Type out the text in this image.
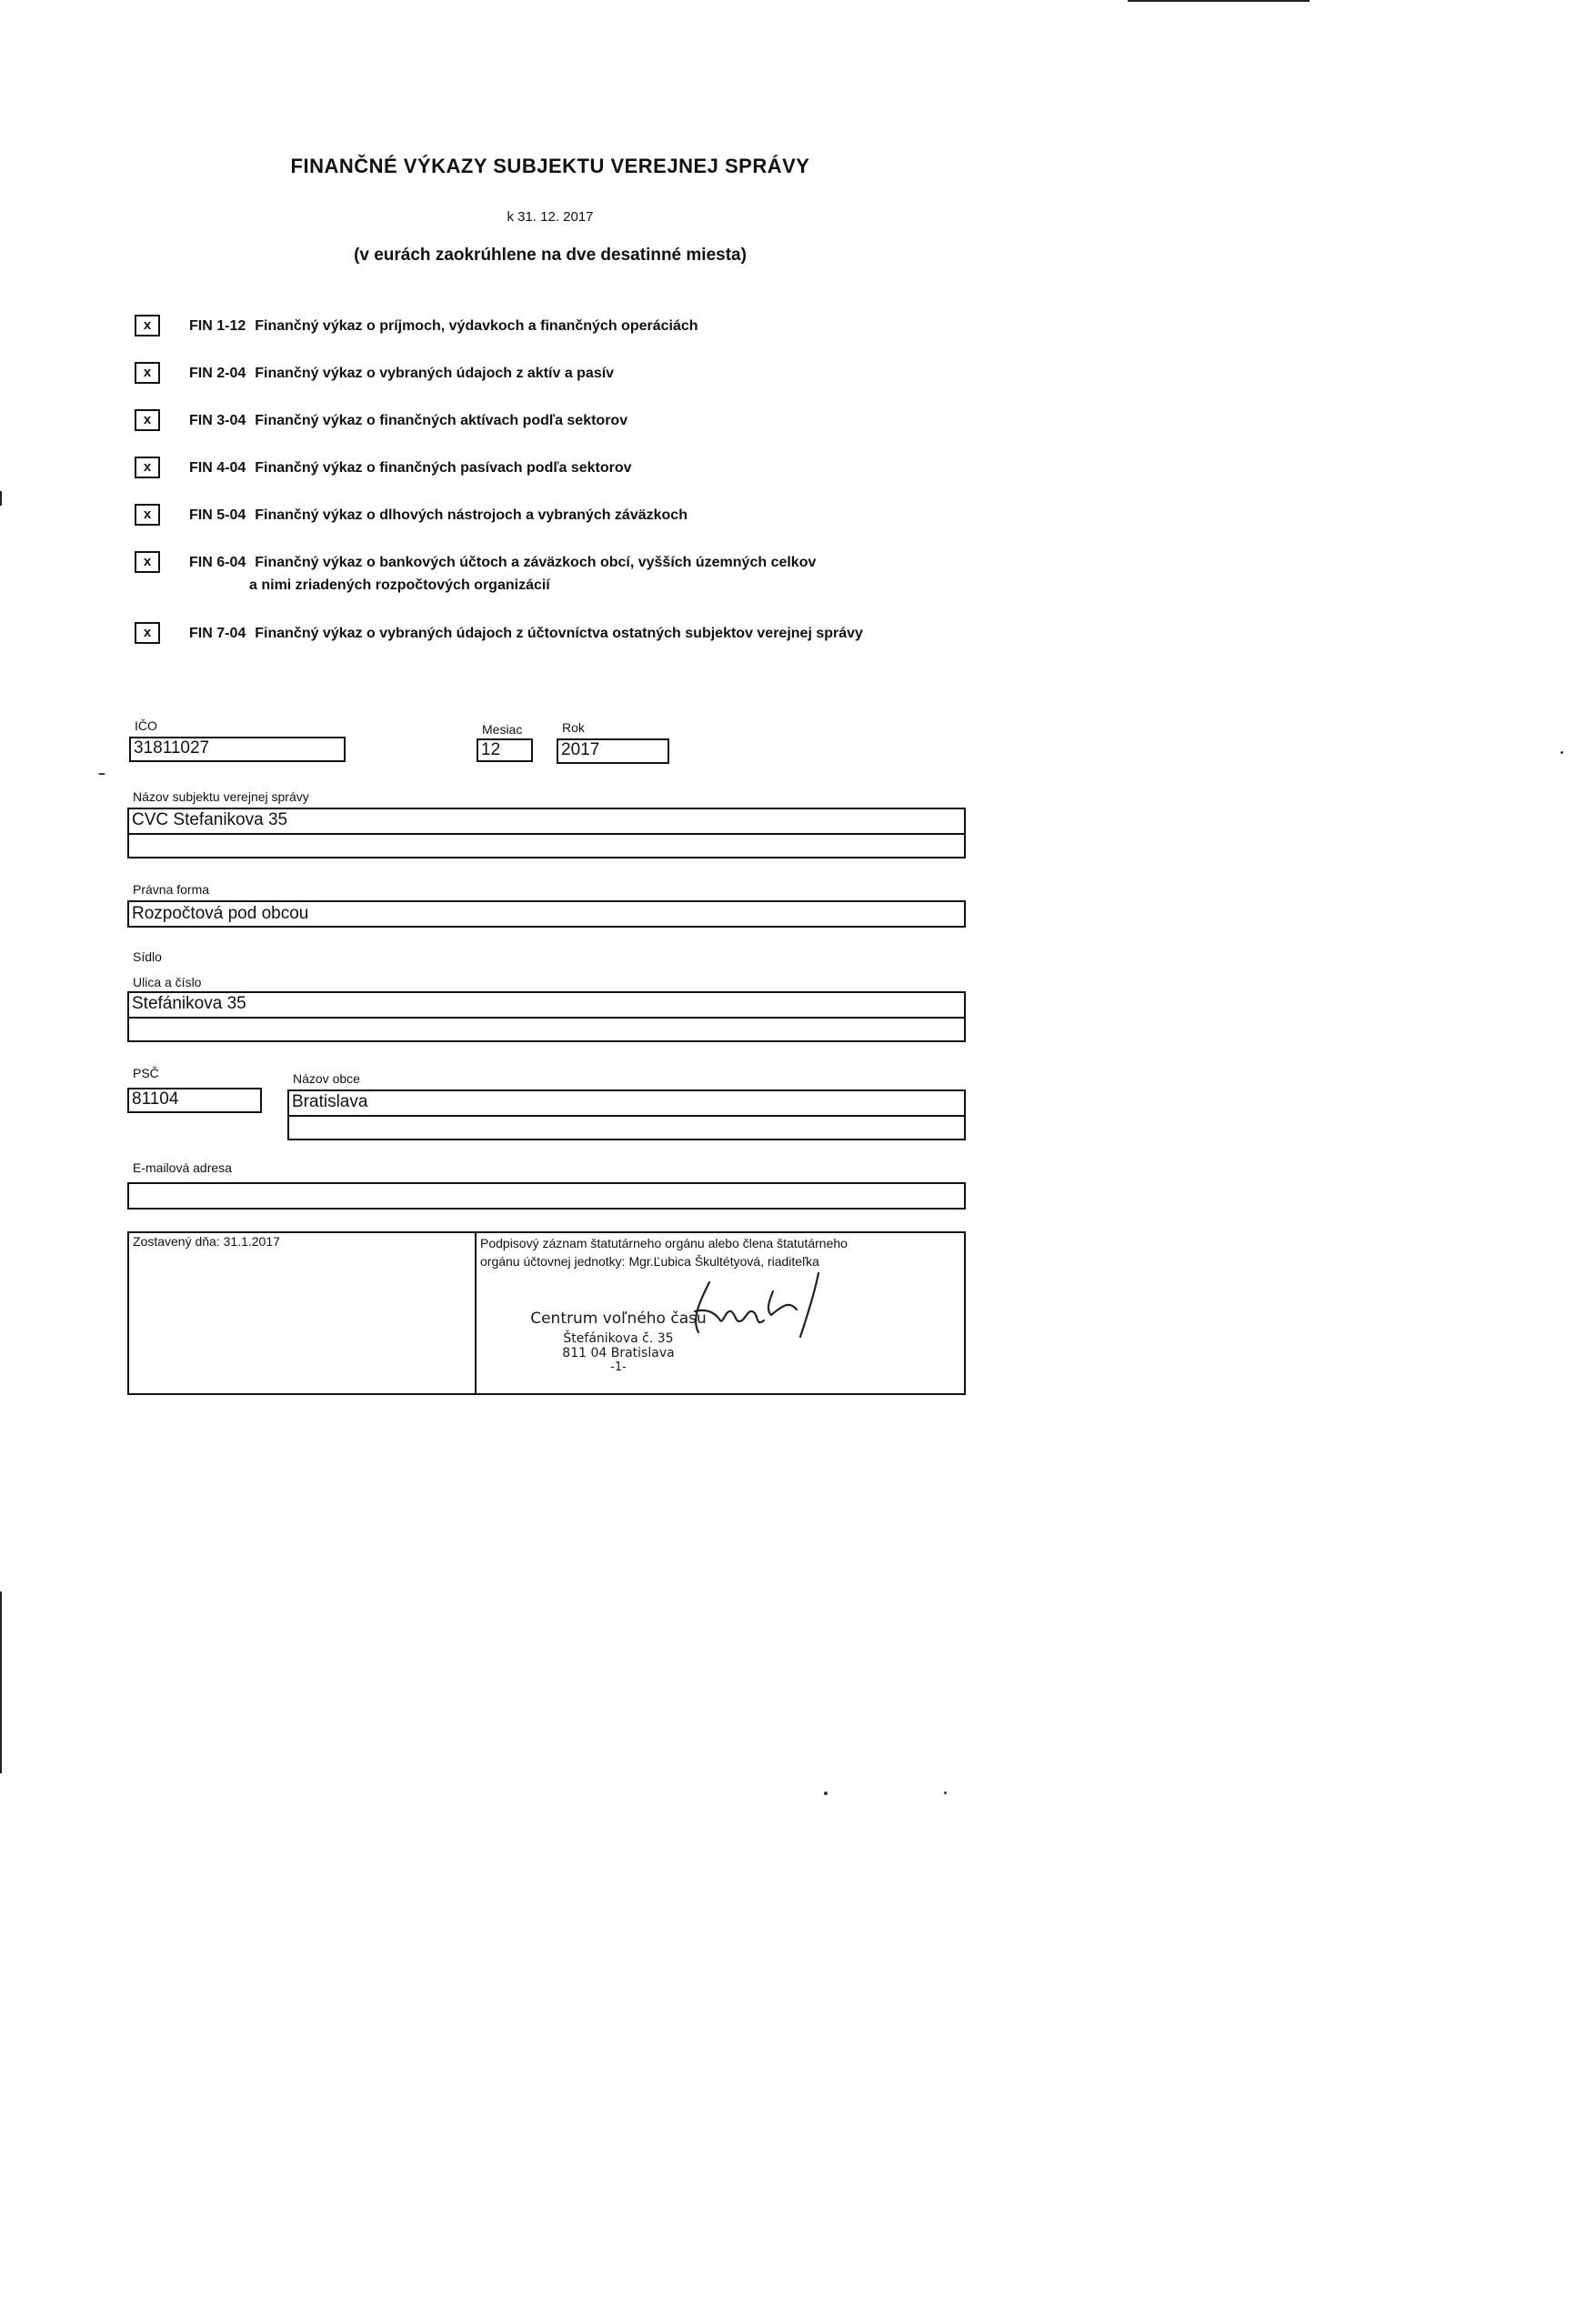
FINANČNÉ VÝKAZY SUBJEKTU VEREJNEJ SPRÁVY
k 31. 12. 2017
(v eurách zaokrúhlene na dve desatinné miesta)
x	FIN 1-12 Finančný výkaz o príjmoch, výdavkoch a finančných operáciách
x	FIN 2-04 Finančný výkaz o vybraných údajoch z aktív a pasív
x	FIN 3-04 Finančný výkaz o finančných aktívach podľa sektorov
x	FIN 4-04 Finančný výkaz o finančných pasívach podľa sektorov
x	FIN 5-04 Finančný výkaz o dlhových nástrojoch a vybraných záväzkoch
x	FIN 6-04 Finančný výkaz o bankových účtoch a záväzkoch obcí, vyšších územných celkov
a nimi zriadených rozpočtových organizácií
x	FIN 7-04 Finančný výkaz o vybraných údajoch z účtovníctva ostatných subjektov verejnej správy
IČO
31811027
Mesiac
12
Rok
2017
Názov subjektu verejnej správy
CVC Stefanikova 35
Právna forma
Rozpočtová pod obcou
Sídlo
Ulica a číslo
Stefánikova 35
PSČ
81104
Názov obce
Bratislava
E-mailová adresa
Zostavený dňa: 31.1.2017	Podpisový záznam štatutárneho orgánu alebo člena štatutárneho
orgánu účtovnej jednotky: Mgr.Ľubica Škultétyová, riaditeľka
Centrum voľného času
Štefánikova č. 35
811 04 Bratislava
-1-
